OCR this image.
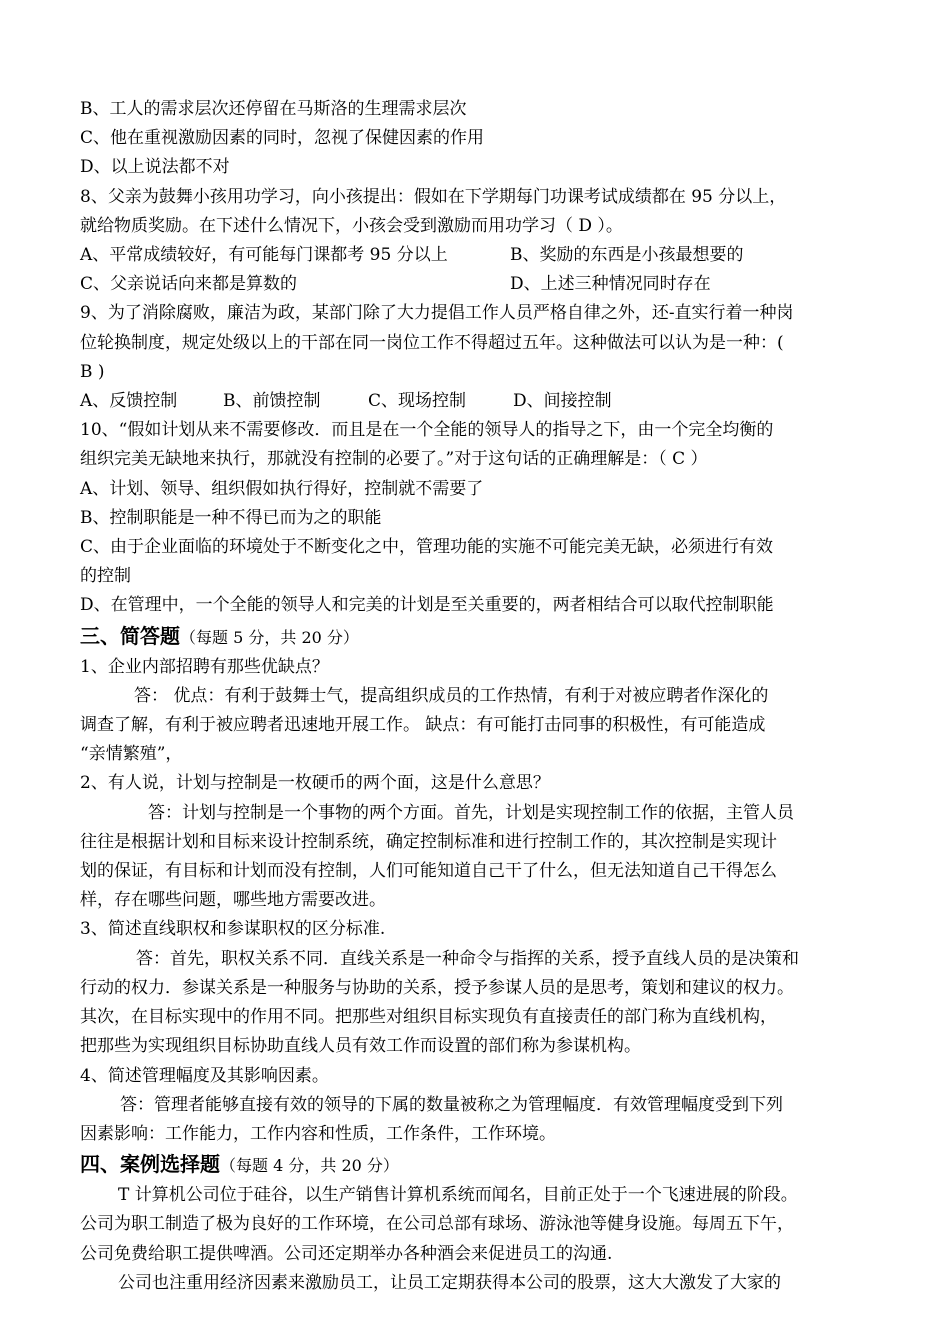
B、工人的需求层次还停留在马斯洛的生理需求层次
C、他在重视激励因素的同时，忽视了保健因素的作用
D、以上说法都不对
8、父亲为鼓舞小孩用功学习，向小孩提出：假如在下学期每门功课考试成绩都在 95 分以上，
就给物质奖励。在下述什么情况下，小孩会受到激励而用功学习（ D ）。
A、平常成绩较好，有可能每门课都考 95 分以上	B、奖励的东西是小孩最想要的
C、父亲说话向来都是算数的	D、上述三种情况同时存在
9、为了消除腐败，廉洁为政，某部门除了大力提倡工作人员严格自律之外，还-直实行着一种岗
位轮换制度，规定处级以上的干部在同一岗位工作不得超过五年。这种做法可以认为是一种：(
B )
A、反馈控制	B、前馈控制	C、现场控制	D、间接控制
10、“假如计划从来不需要修改．而且是在一个全能的领导人的指导之下，由一个完全均衡的
组织完美无缺地来执行，那就没有控制的必要了。”对于这句话的正确理解是：（ C ）
A、计划、领导、组织假如执行得好，控制就不需要了
B、控制职能是一种不得已而为之的职能
C、由于企业面临的环境处于不断变化之中，管理功能的实施不可能完美无缺，必须进行有效
的控制
D、在管理中，一个全能的领导人和完美的计划是至关重要的，两者相结合可以取代控制职能
三、简答题（每题 5 分，共 20 分）
1、企业内部招聘有那些优缺点？
答： 优点：有利于鼓舞士气，提高组织成员的工作热情，有利于对被应聘者作深化的
调查了解，有利于被应聘者迅速地开展工作。 缺点：有可能打击同事的积极性，有可能造成
“亲情繁殖”，
2、有人说，计划与控制是一枚硬币的两个面，这是什么意思？
答：计划与控制是一个事物的两个方面。首先，计划是实现控制工作的依据，主管人员
往往是根据计划和目标来设计控制系统，确定控制标准和进行控制工作的，其次控制是实现计
划的保证，有目标和计划而没有控制，人们可能知道自己干了什么，但无法知道自己干得怎么
样，存在哪些问题，哪些地方需要改进。
3、简述直线职权和参谋职权的区分标准.
答：首先，职权关系不同．直线关系是一种命令与指挥的关系，授予直线人员的是决策和
行动的权力．参谋关系是一种服务与协助的关系，授予参谋人员的是思考，策划和建议的权力。
其次，在目标实现中的作用不同。把那些对组织目标实现负有直接责任的部门称为直线机构，
把那些为实现组织目标协助直线人员有效工作而设置的部们称为参谋机构。
4、简述管理幅度及其影响因素。
答：管理者能够直接有效的领导的下属的数量被称之为管理幅度．有效管理幅度受到下列
因素影响：工作能力，工作内容和性质，工作条件，工作环境。
四、案例选择题（每题 4 分，共 20 分）
T 计算机公司位于硅谷，以生产销售计算机系统而闻名，目前正处于一个飞速进展的阶段。
公司为职工制造了极为良好的工作环境，在公司总部有球场、游泳池等健身设施。每周五下午，
公司免费给职工提供啤酒。公司还定期举办各种酒会来促进员工的沟通.
公司也注重用经济因素来激励员工，让员工定期获得本公司的股票，这大大激发了大家的
